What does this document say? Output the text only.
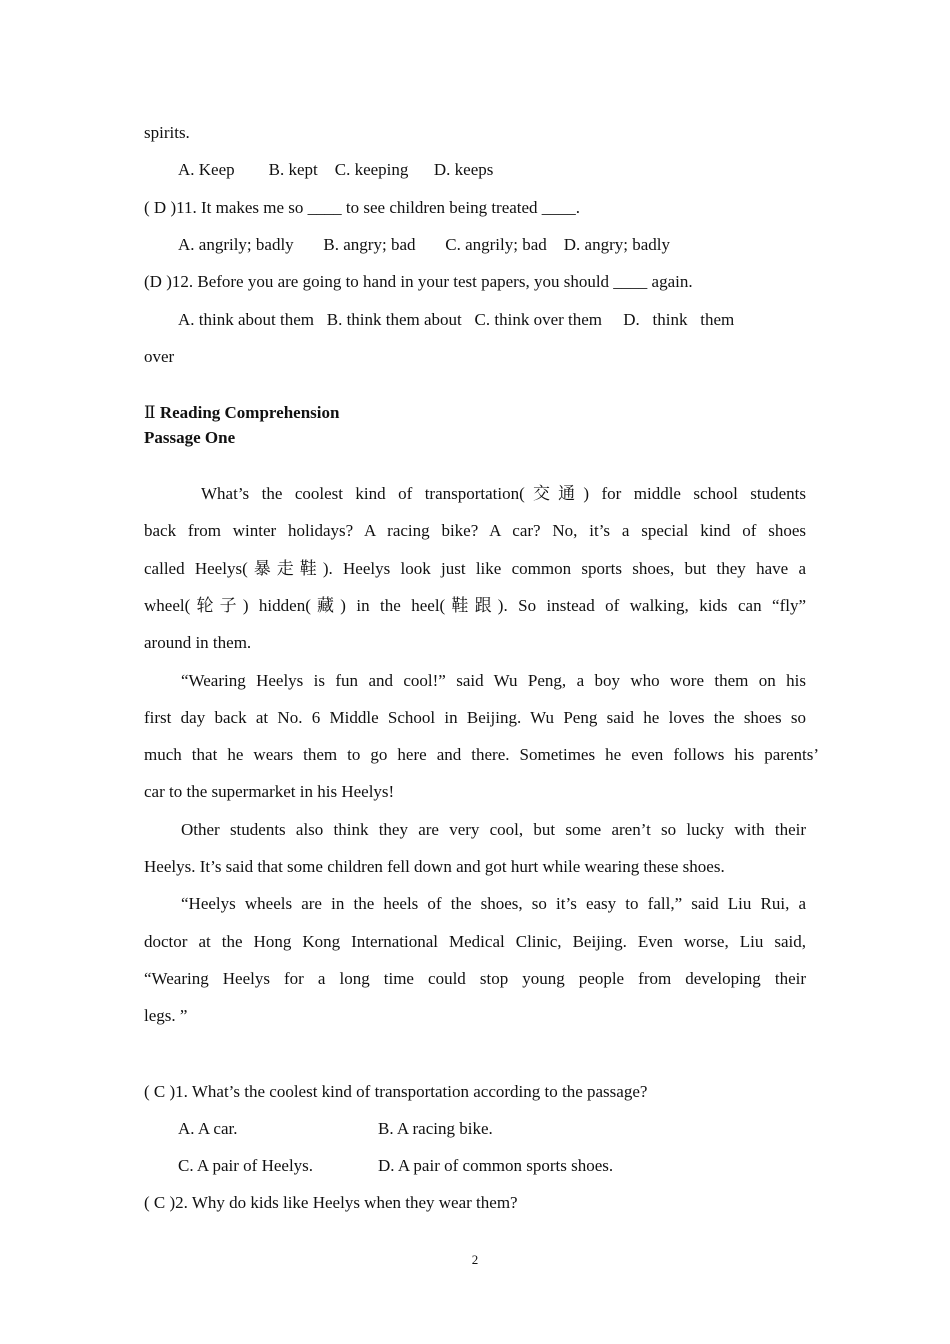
spirits.
A. Keep        B. kept    C. keeping      D. keeps
( D )11. It makes me so ____ to see children being treated ____.
A. angrily; badly       B. angry; bad       C. angrily; bad    D. angry; badly
(D )12. Before you are going to hand in your test papers, you should ____ again.
A. think about them   B. think them about   C. think over them     D.   think   them
over
Ⅱ Reading Comprehension
Passage One
What’s the coolest kind of transportation(交通) for middle school students
back from winter holidays? A racing bike? A car? No, it’s a special kind of shoes
called Heelys(暴走鞋). Heelys look just like common sports shoes, but they have a
wheel(轮子) hidden(藏) in the heel(鞋跟). So instead of walking, kids can “fly”
around in them.
“Wearing Heelys is fun and cool!” said Wu Peng, a boy who wore them on his
first day back at No. 6 Middle School in Beijing. Wu Peng said he loves the shoes so
much that he wears them to go here and there. Sometimes he even follows his parents’
car to the supermarket in his Heelys!
Other students also think they are very cool, but some aren’t so lucky with their
Heelys. It’s said that some children fell down and got hurt while wearing these shoes.
“Heelys wheels are in the heels of the shoes, so it’s easy to fall,” said Liu Rui, a
doctor at the Hong Kong International Medical Clinic, Beijing. Even worse, Liu said,
“Wearing Heelys for a long time could stop young people from developing their
legs. ”
( C )1. What’s the coolest kind of transportation according to the passage?
A. A car.	B. A racing bike.
C. A pair of Heelys.	D. A pair of common sports shoes.
( C )2. Why do kids like Heelys when they wear them?
2
